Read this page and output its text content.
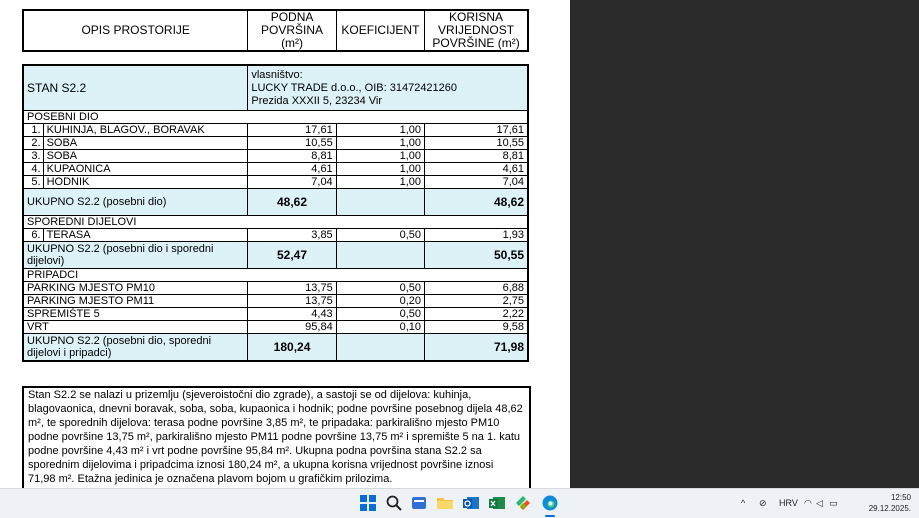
OPIS PROSTORIJE	PODNA POVRŠINA (m²)	KOEFICIJENT	KORISNA VRIJEDNOST POVRŠINE (m²)
STAN S2.2		vlasništvo:
LUCKY TRADE d.o.o., OIB: 31472421260
Prezida XXXII 5, 23234 Vir		

POSEBNI DIO				
1.	KUHINJA, BLAGOV., BORAVAK	17,61	1,00	17,61
2.	SOBA	10,55	1,00	10,55
3.	SOBA	8,81	1,00	8,81
4.	KUPAONICA	4,61	1,00	4,61
5.	HODNIK	7,04	1,00	7,04
UKUPNO S2.2 (posebni dio)		48,62		48,62
SPOREDNI DIJELOVI				
6.	TERASA	3,85	0,50	1,93
UKUPNO S2.2 (posebni dio i sporedni dijelovi)		52,47		50,55
PRIPADCI				
PARKING MJESTO PM10		13,75	0,50	6,88
PARKING MJESTO PM11		13,75	0,20	2,75
SPREMIŠTE 5		4,43	0,50	2,22
VRT		95,84	0,10	9,58
UKUPNO S2.2 (posebni dio, sporedni dijelovi i pripadci)		180,24		71,98
Stan S2.2 se nalazi u prizemlju (sjeveroistočni dio zgrade), a sastoji se od dijelova: kuhinja, blagovaonica, dnevni boravak, soba, soba, kupaonica i hodnik; podne površine posebnog dijela 48,62 m², te sporednih dijelova: terasa podne površine 3,85 m², te pripadaka: parkirališno mjesto PM10 podne površine 13,75 m², parkirališno mjesto PM11 podne površine 13,75 m² i spremište 5 na 1. katu podne površine 4,43 m² i vrt podne površine 95,84 m². Ukupna podna površina stana S2.2 sa sporednim dijelovima i pripadcima iznosi 180,24 m², a ukupna korisna vrijednost površine iznosi 71,98 m². Etažna jedinica je označena plavom bojom u grafičkim prilozima.
^ ⊘ HRV ◠ ◁ ▭
12:50
29.12.2025.
